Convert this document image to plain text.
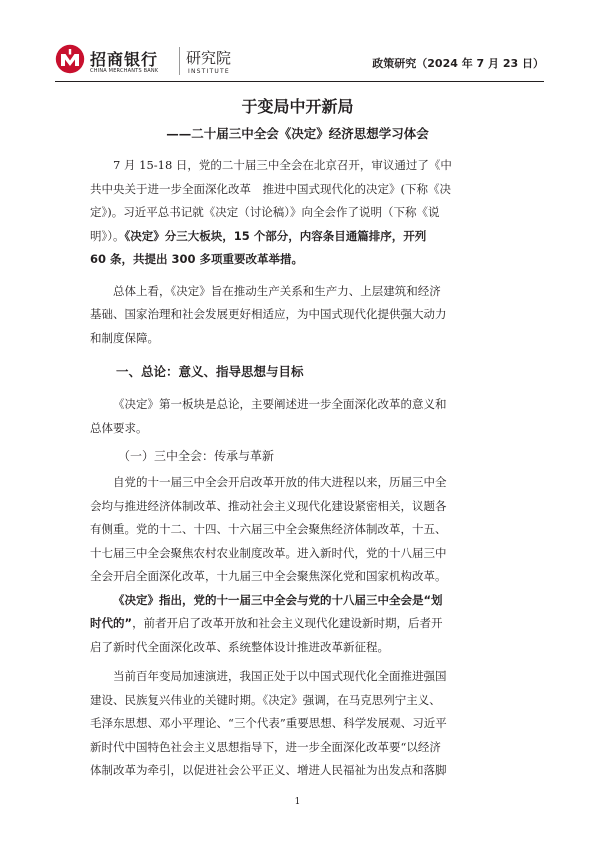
招商银行
CHINA MERCHANTS BANK
研究院
INSTITUTE
政策研究（2024 年 7 月 23 日）
于变局中开新局
——二十届三中全会《决定》经济思想学习体会
7 月 15-18 日，党的二十届三中全会在北京召开，审议通过了《中
共中央关于进一步全面深化改革　推进中国式现代化的决定》(下称《决
定》)。习近平总书记就《决定（讨论稿）》向全会作了说明（下称《说
明》）。《决定》分三大板块，15 个部分，内容条目通篇排序，开列
60 条，共提出 300 多项重要改革举措。
总体上看，《决定》旨在推动生产关系和生产力、上层建筑和经济
基础、国家治理和社会发展更好相适应，为中国式现代化提供强大动力
和制度保障。
一、总论：意义、指导思想与目标
《决定》第一板块是总论，主要阐述进一步全面深化改革的意义和
总体要求。
（一）三中全会：传承与革新
自党的十一届三中全会开启改革开放的伟大进程以来，历届三中全
会均与推进经济体制改革、推动社会主义现代化建设紧密相关，议题各
有侧重。党的十二、十四、十六届三中全会聚焦经济体制改革，十五、
十七届三中全会聚焦农村农业制度改革。进入新时代，党的十八届三中
全会开启全面深化改革，十九届三中全会聚焦深化党和国家机构改革。
《决定》指出，党的十一届三中全会与党的十八届三中全会是“划
时代的”，前者开启了改革开放和社会主义现代化建设新时期，后者开
启了新时代全面深化改革、系统整体设计推进改革新征程。
当前百年变局加速演进，我国正处于以中国式现代化全面推进强国
建设、民族复兴伟业的关键时期。《决定》强调，在马克思列宁主义、
毛泽东思想、邓小平理论、“三个代表”重要思想、科学发展观、习近平
新时代中国特色社会主义思想指导下，进一步全面深化改革要“以经济
体制改革为牵引，以促进社会公平正义、增进人民福祉为出发点和落脚
1
